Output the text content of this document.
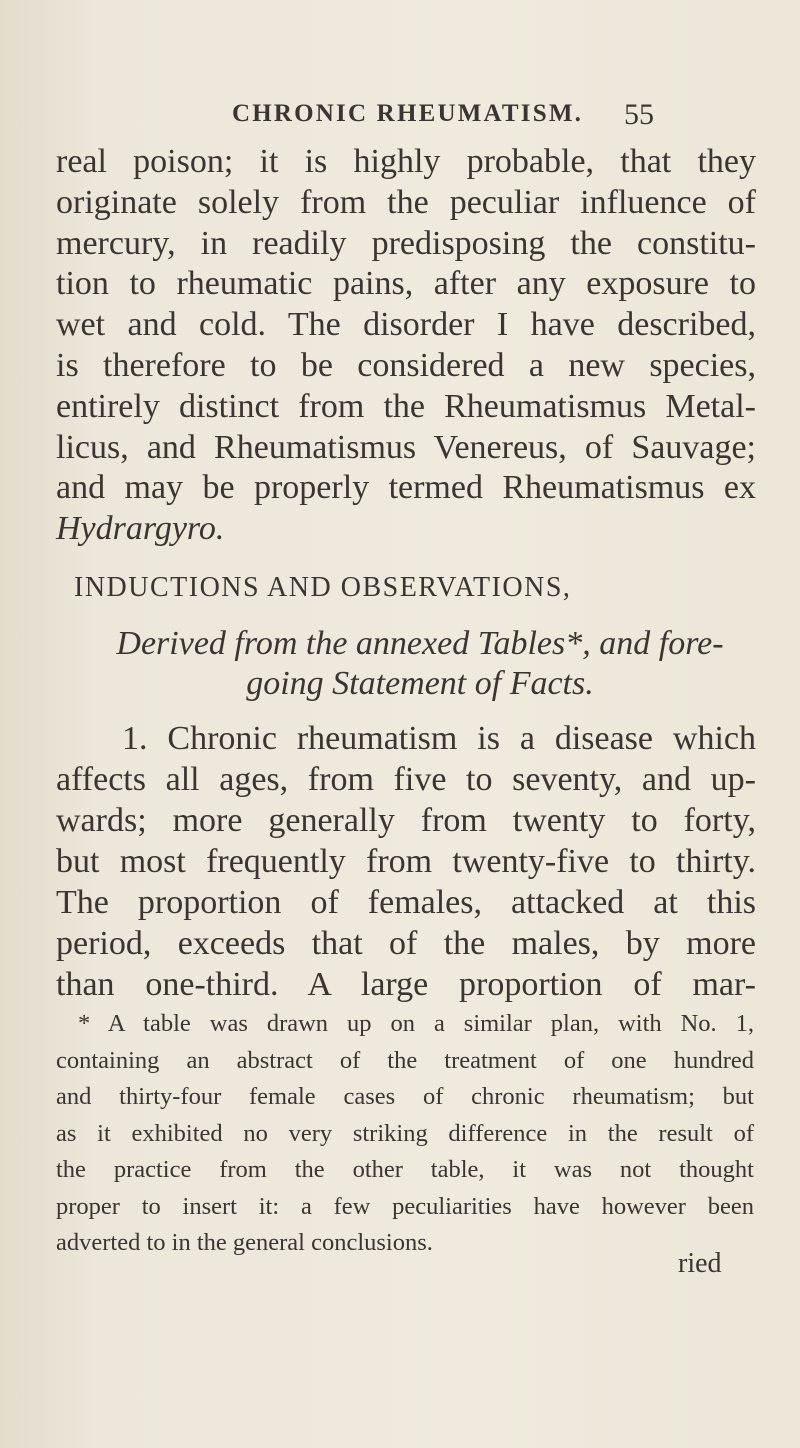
CHRONIC RHEUMATISM. 55
real poison; it is highly probable, that they
originate solely from the peculiar influence of
mercury, in readily predisposing the constitu-
tion to rheumatic pains, after any exposure to
wet and cold. The disorder I have described,
is therefore to be considered a new species,
entirely distinct from the Rheumatismus Metal-
licus, and Rheumatismus Venereus, of Sauvage;
and may be properly termed Rheumatismus ex
Hydrargyro.
INDUCTIONS AND OBSERVATIONS,
Derived from the annexed Tables*, and fore-
going Statement of Facts.
1. Chronic rheumatism is a disease which
affects all ages, from five to seventy, and up-
wards; more generally from twenty to forty,
but most frequently from twenty-five to thirty.
The proportion of females, attacked at this
period, exceeds that of the males, by more
than one-third. A large proportion of mar-
* A table was drawn up on a similar plan, with No. 1,
containing an abstract of the treatment of one hundred
and thirty-four female cases of chronic rheumatism; but
as it exhibited no very striking difference in the result of
the practice from the other table, it was not thought
proper to insert it: a few peculiarities have however been
adverted to in the general conclusions.
ried
